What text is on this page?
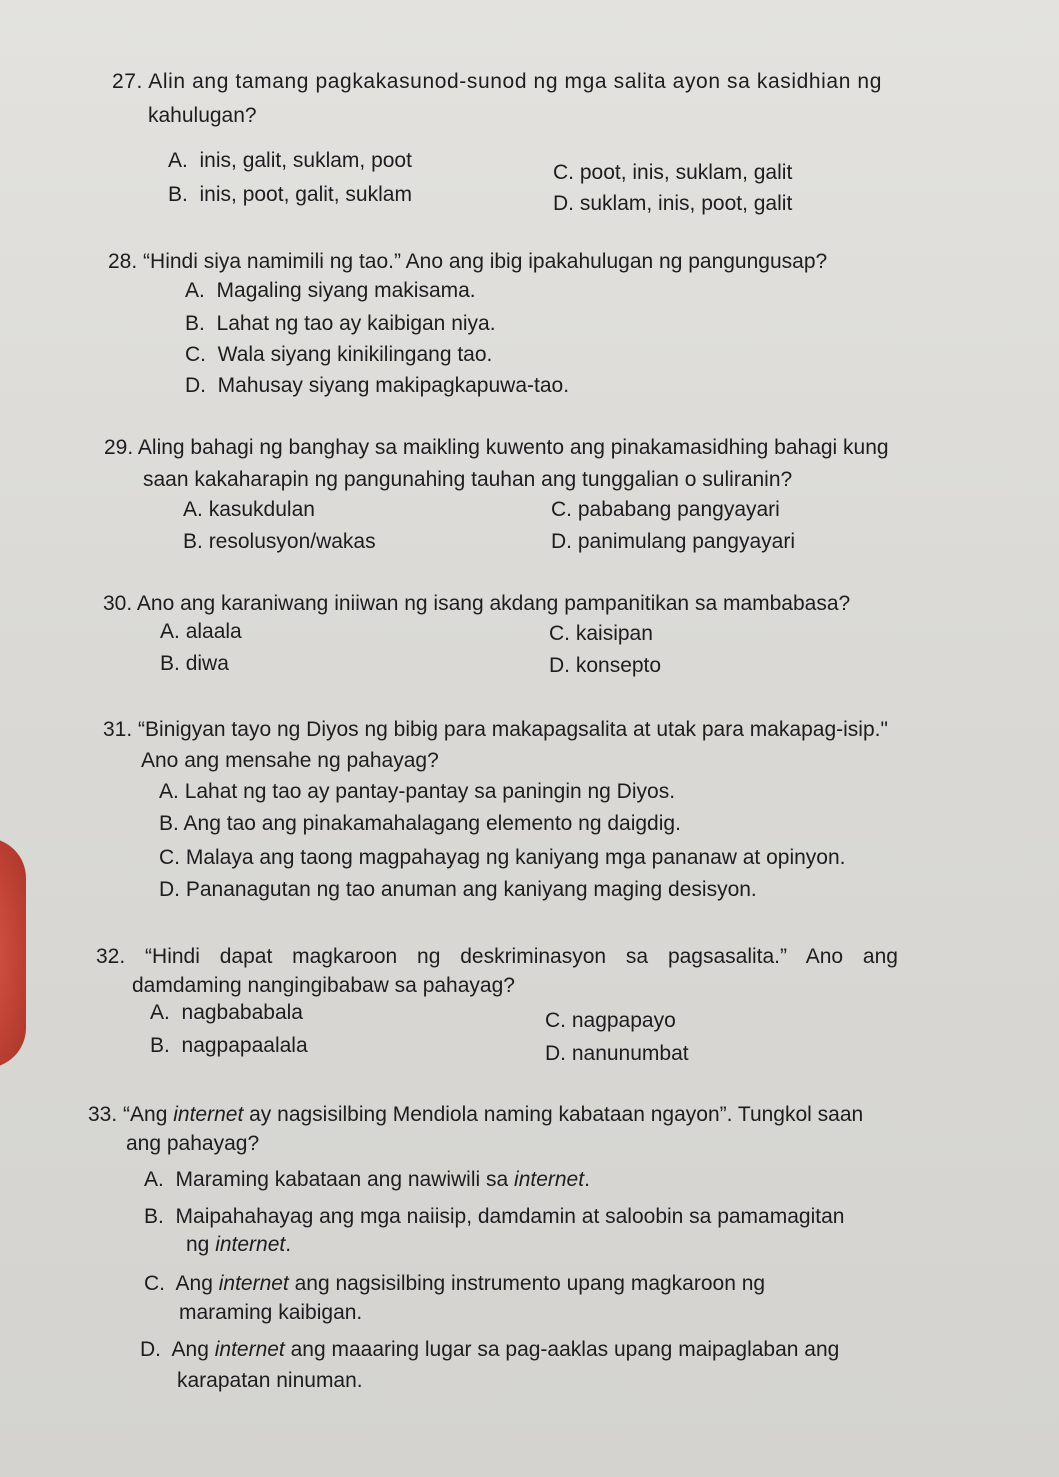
27. Alin ang tamang pagkakasunod-sunod ng mga salita ayon sa kasidhian ng
kahulugan?
A. inis, galit, suklam, poot
B. inis, poot, galit, suklam
C. poot, inis, suklam, galit
D. suklam, inis, poot, galit
28. “Hindi siya namimili ng tao.” Ano ang ibig ipakahulugan ng pangungusap?
A. Magaling siyang makisama.
B. Lahat ng tao ay kaibigan niya.
C. Wala siyang kinikilingang tao.
D. Mahusay siyang makipagkapuwa-tao.
29. Aling bahagi ng banghay sa maikling kuwento ang pinakamasidhing bahagi kung
saan kakaharapin ng pangunahing tauhan ang tunggalian o suliranin?
A. kasukdulan
B. resolusyon/wakas
C. pababang pangyayari
D. panimulang pangyayari
30. Ano ang karaniwang iniiwan ng isang akdang pampanitikan sa mambabasa?
A. alaala
B. diwa
C. kaisipan
D. konsepto
31. “Binigyan tayo ng Diyos ng bibig para makapagsalita at utak para makapag-isip."
Ano ang mensahe ng pahayag?
A. Lahat ng tao ay pantay-pantay sa paningin ng Diyos.
B. Ang tao ang pinakamahalagang elemento ng daigdig.
C. Malaya ang taong magpahayag ng kaniyang mga pananaw at opinyon.
D. Pananagutan ng tao anuman ang kaniyang maging desisyon.
32. “Hindi dapat magkaroon ng deskriminasyon sa pagsasalita.” Ano ang
damdaming nangingibabaw sa pahayag?
A. nagbababala
B. nagpapaalala
C. nagpapayo
D. nanunumbat
33. “Ang internet ay nagsisilbing Mendiola naming kabataan ngayon”. Tungkol saan
ang pahayag?
A. Maraming kabataan ang nawiwili sa internet.
B. Maipahahayag ang mga naiisip, damdamin at saloobin sa pamamagitan
ng internet.
C. Ang internet ang nagsisilbing instrumento upang magkaroon ng
maraming kaibigan.
D. Ang internet ang maaaring lugar sa pag-aaklas upang maipaglaban ang
karapatan ninuman.
